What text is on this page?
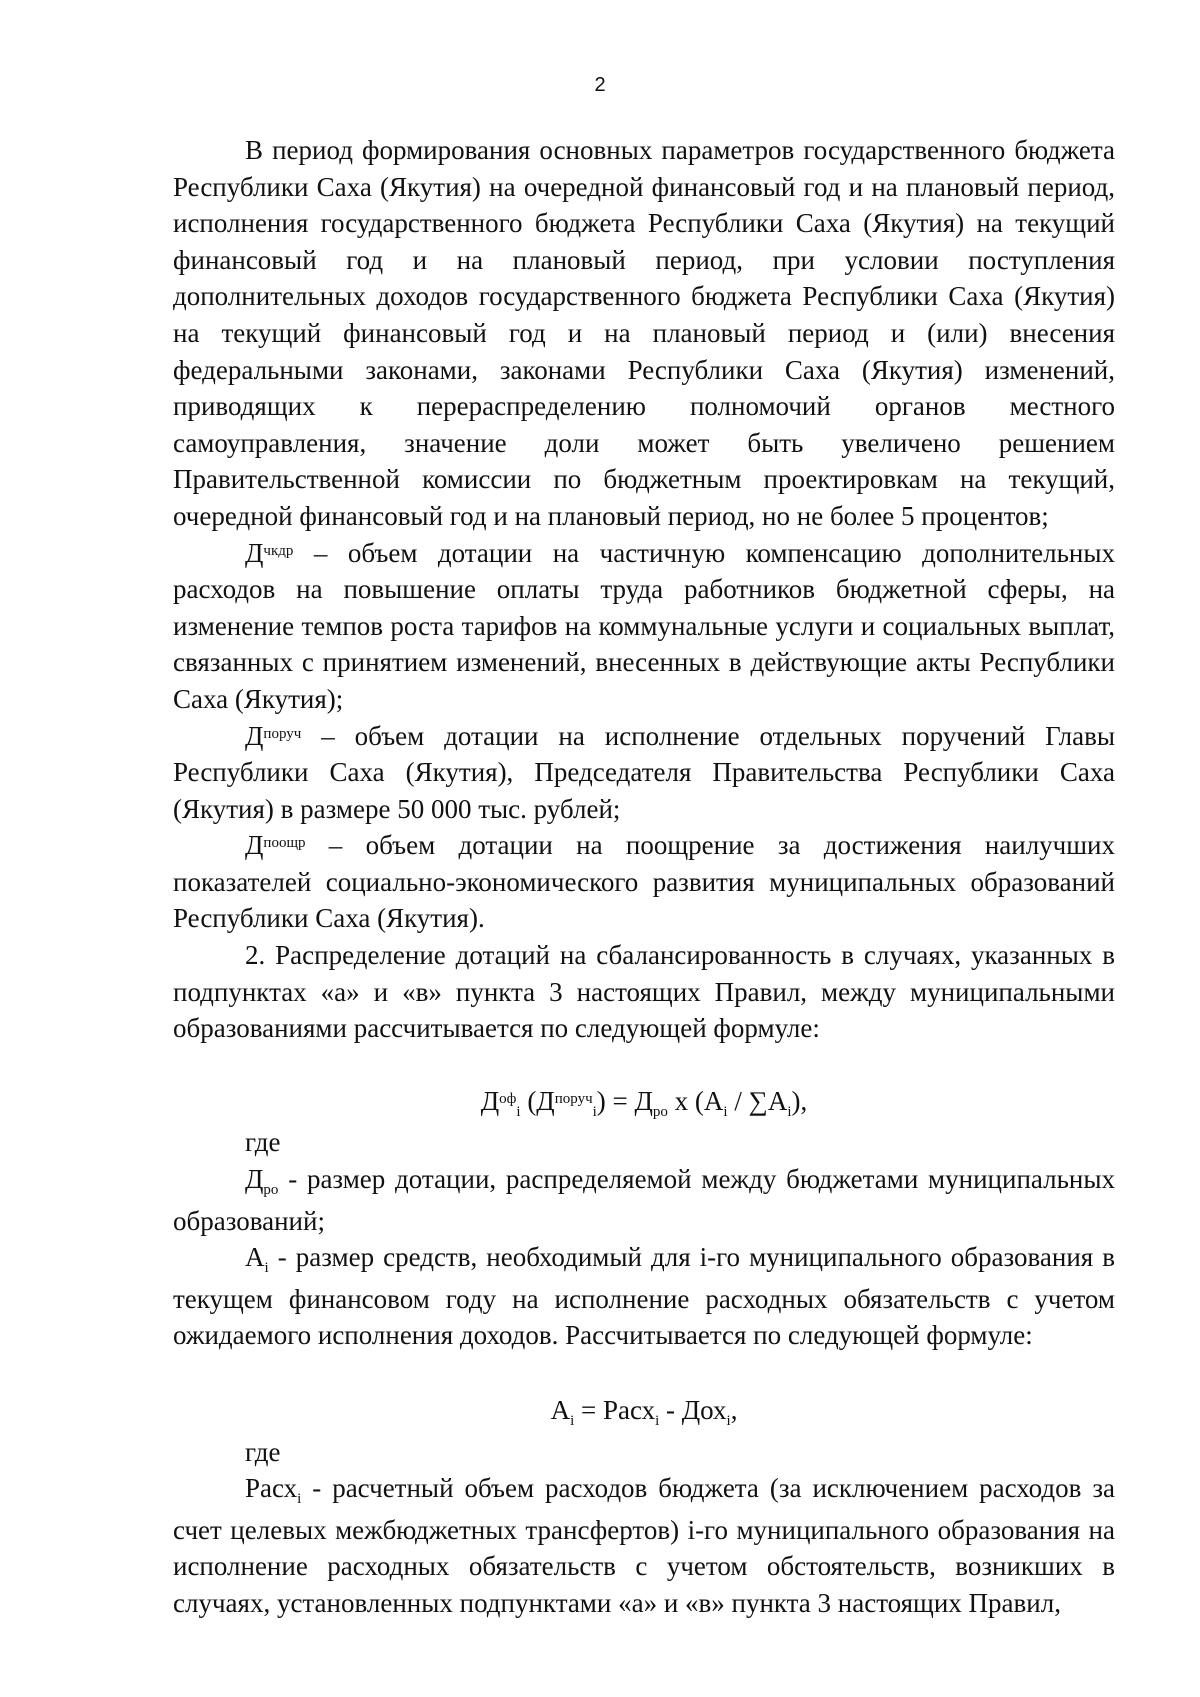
2

В период формирования основных параметров государственного бюджета Республики Саха (Якутия) на очередной финансовый год и на плановый период, исполнения государственного бюджета Республики Саха (Якутия) на текущий финансовый год и на плановый период, при условии поступления дополнительных доходов государственного бюджета Республики Саха (Якутия) на текущий финансовый год и на плановый период и (или) внесения федеральными законами, законами Республики Саха (Якутия) изменений, приводящих к перераспределению полномочий органов местного самоуправления, значение доли может быть увеличено решением Правительственной комиссии по бюджетным проектировкам на текущий, очередной финансовый год и на плановый период, но не более 5 процентов;

$Д^{чкдр}$ – объем дотации на частичную компенсацию дополнительных расходов на повышение оплаты труда работников бюджетной сферы, на изменение темпов роста тарифов на коммунальные услуги и социальных выплат, связанных с принятием изменений, внесенных в действующие акты Республики Саха (Якутия);

$Д^{поруч}$ – объем дотации на исполнение отдельных поручений Главы Республики Саха (Якутия), Председателя Правительства Республики Саха (Якутия) в размере 50 000 тыс. рублей;

$Д^{поощр}$ – объем дотации на поощрение за достижения наилучших показателей социально-экономического развития муниципальных образований Республики Саха (Якутия).

2. Распределение дотаций на сбалансированность в случаях, указанных в подпунктах «а» и «в» пункта 3 настоящих Правил, между муниципальными образованиями рассчитывается по следующей формуле:

$Д^{оф}_i$ $(Д^{поруч}_i) = Д_{ро}$ х $(А_i / \sum А_i)$,

где

$Д_{ро}$ - размер дотации, распределяемой между бюджетами муниципальных образований;

$А_i$ - размер средств, необходимый для i-го муниципального образования в текущем финансовом году на исполнение расходных обязательств с учетом ожидаемого исполнения доходов. Рассчитывается по следующей формуле:

$А_i$ = Расх$_i$ - Дох$_i$,

где

Расх$_i$ - расчетный объем расходов бюджета (за исключением расходов за счет целевых межбюджетных трансфертов) i-го муниципального образования на исполнение расходных обязательств с учетом обстоятельств, возникших в случаях, установленных подпунктами «а» и «в» пункта 3 настоящих Правил,
